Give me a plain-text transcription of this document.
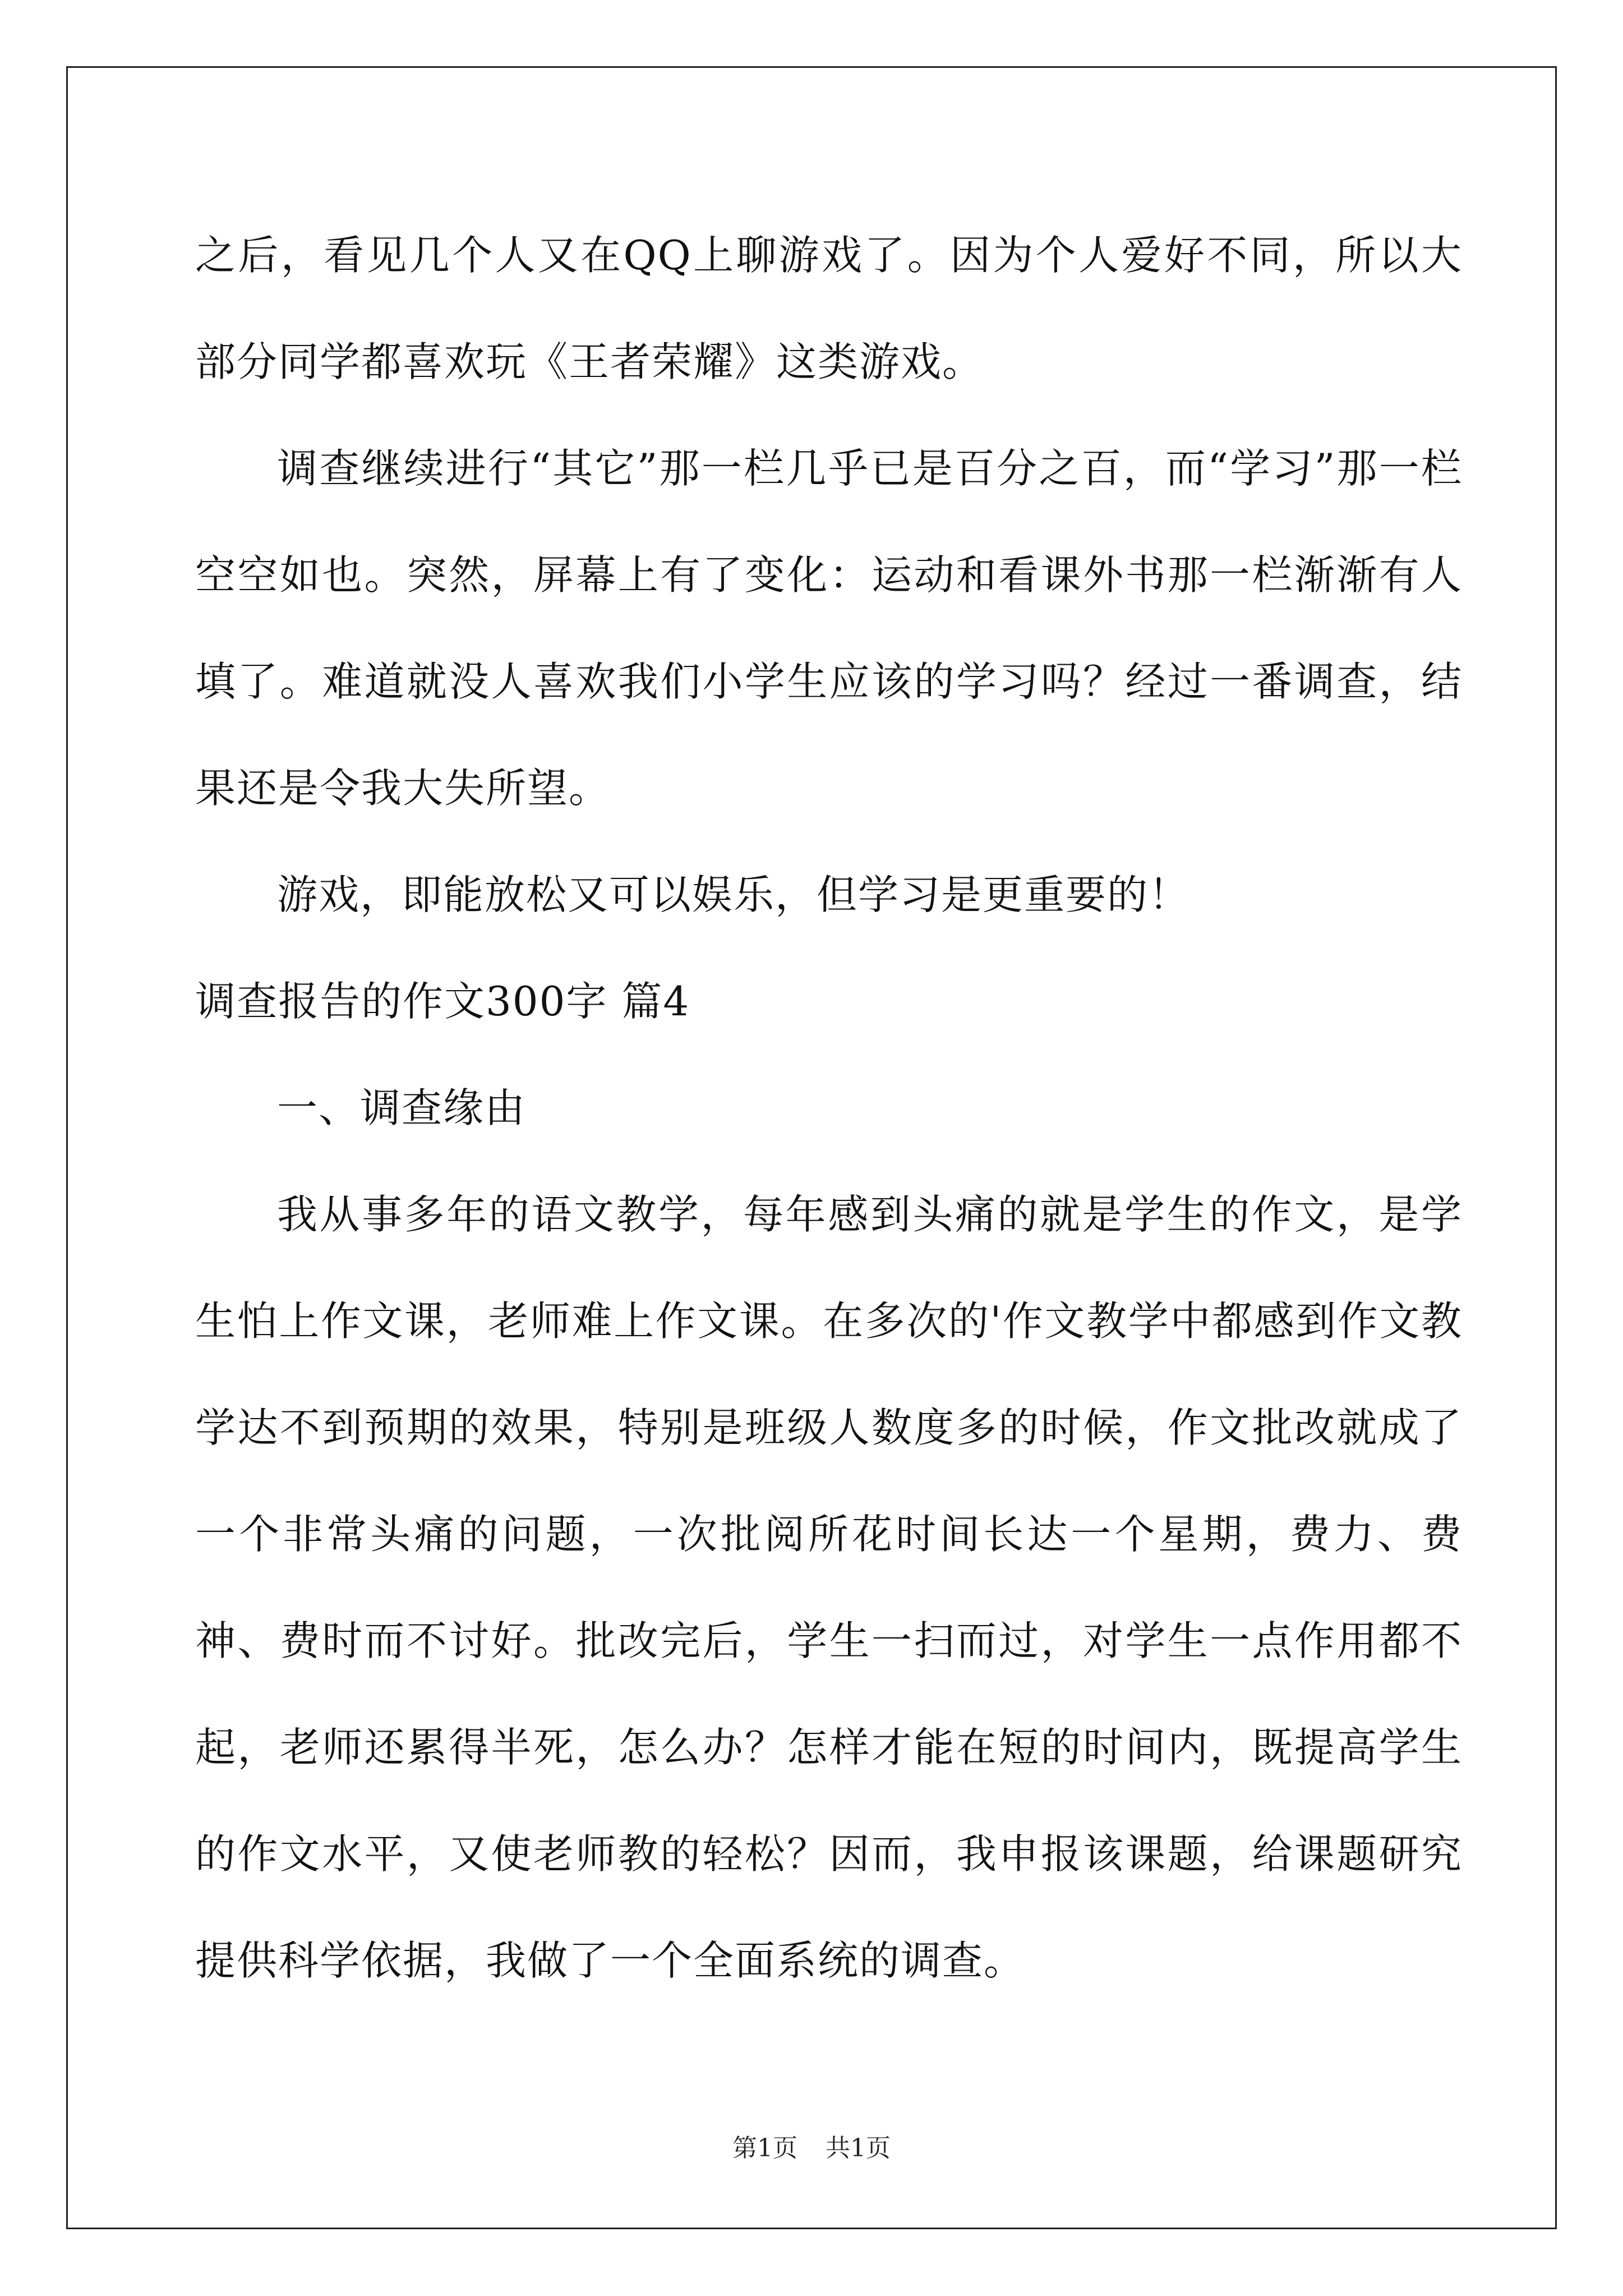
之后，看见几个人又在QQ上聊游戏了。因为个人爱好不同，所以大部分同学都喜欢玩《王者荣耀》这类游戏。

调查继续进行“其它”那一栏几乎已是百分之百，而“学习”那一栏空空如也。突然，屏幕上有了变化：运动和看课外书那一栏渐渐有人填了。难道就没人喜欢我们小学生应该的学习吗？经过一番调查，结果还是令我大失所望。

游戏，即能放松又可以娱乐，但学习是更重要的！

调查报告的作文300字 篇4

一、调查缘由

我从事多年的语文教学，每年感到头痛的就是学生的作文，是学生怕上作文课，老师难上作文课。在多次的'作文教学中都感到作文教学达不到预期的效果，特别是班级人数度多的时候，作文批改就成了一个非常头痛的问题，一次批阅所花时间长达一个星期，费力、费神、费时而不讨好。批改完后，学生一扫而过，对学生一点作用都不起，老师还累得半死，怎么办？怎样才能在短的时间内，既提高学生的作文水平，又使老师教的轻松？因而，我申报该课题，给课题研究提供科学依据，我做了一个全面系统的调查。

第1页 共1页
